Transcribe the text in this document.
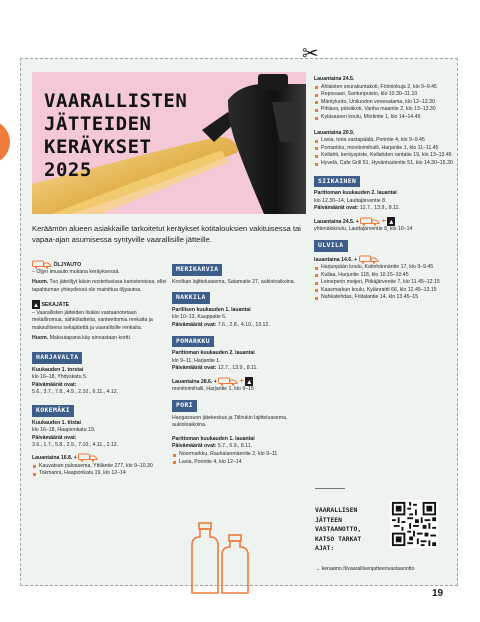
✂
VAARALLISTEN
JÄTTEIDEN
KERÄYKSET
2025
Keräämön alueen asiakkaille tarkoitetut keräykset kotitalouksien vakituisessa tai vapaa-ajan asumisessa syntyville vaarallisille jätteille.
ÖLJYAUTO
– Öljyn imuauto mukana keräyksessä.
Huom. Tuo jäteöljyt käsin nostettavissa kanistereissa, ellei tapahtuman yhteydessä ole mainittua öljyautoa.
SEKAJÄTE
– Vaarallisten jätteiden lisäksi vastaanotetaan metalliromua, sähkölaitteita, vanteettomia renkaita ja maksullisena sekajätettä ja vaarallisille renkaita.
Huom. Maksutapana käy ainoastaan kortti.
HARJAVALTA
Kuukauden 1. torstai
klo 16–18, Yhdyskatu 5.
Päivämäärät ovat:
5.6., 3.7., 7.8., 4.9., 2.10., 6.11., 4.12.
KOKEMÄKI
Kuukauden 1. tiistai
klo 16–18, Haapionkatu 19.
Päivämäärät ovat:
3.6., 1.7., 5.8., 2.9., 7.10., 4.11., 2.12.
Lauantaina 16.8. +
Kauvatsan paloasema, Yttiläntie 277, klo 9–10.30
Tokmanni, Haapionkatu 19, klo 12–14
MERIKARVIA
Kroókan lajitteluasema, Satamatie 27, aukioloaikoina.
NAKKILA
Parillisen kuukauden 1. lauantai
klo 10–13, Kauppatie 6.
Päivämäärät ovat: 7.6., 2.8., 4.10., 13.12.
POMARKKU
Parittoman kuukauden 2. lauantai
klo 9–11, Harjantie 1.
Päivämäärät ovat: 12.7., 13.9., 8.11.
Lauantaina 28.6. +	+
monitoimihalli, Harjantie 1, klo 9–15
PORI
Hangassuon jätekeskus ja Tiilirukin lajitteluasema, aukioloaikoina.
Parittoman kuukauden 1. lauantai
Päivämäärät ovat: 5.7., 6.9., 8.11.
Noormarkku, Rauhalanmäentie 2, klo 9–11
Lavia, Porintie 4, klo 12–14
Lauantaina 24.5.
Ahlaisten seurakuntakoti, Fööninkuja 2, klo 9–9.45
Reposaari, Santunpuisto, klo 10.30–11.10
Mäntyluoto, Uniluodon venesatama, klo 12–12.30
Pihlava, päiväkoti, Vanha maantie 2, klo 13–13.30
Kyläsaaren koulu, Mörtintie 1, klo 14–14.45
Lauantaina 20.9.
Lavia, toria vastapäätä, Porintie 4, klo 9–9.45
Pomarkku, monitoimihalli, Harjantie 1, klo 11–11.45
Kellahti, keräyspiste, Kellahden rantatie 19, klo 13–13.45
Hyvelä, Cafe Grill 51, Hyväntuulentie 51, klo 14.30–15.30
SIIKAINEN
Parittoman kuukauden 2. lauantai
klo 12.30–14, Lauttajärventie 8.
Päivämäärät ovat: 12.7., 13.9., 8.11.
Lauantaina 24.5. +	+
yhtenäiskoulu, Lauttajärventie 8, klo 10–14
ULVILA
lauantaina 14.6. +
Harjunpään koulu, Katinhännäntie 17, klo 9–9.45
Kullaa, Harjuntie 118, klo 10.15–10.45
Leineperin meijeri, Pitkäjärventie 7, klo 11.45–12.15
Kaasmarkun koulu, Kylänraitti 66, klo 12.45–13.15
Nahkatehdas, Friitalantie 14, klo 13.45–15
VAARALLISEN
JÄTTEEN
VASTAANOTTO,
KATSO TARKAT
AJAT:
→ keraamo.fi/vaarallisenjatteenvastaanotto
19
